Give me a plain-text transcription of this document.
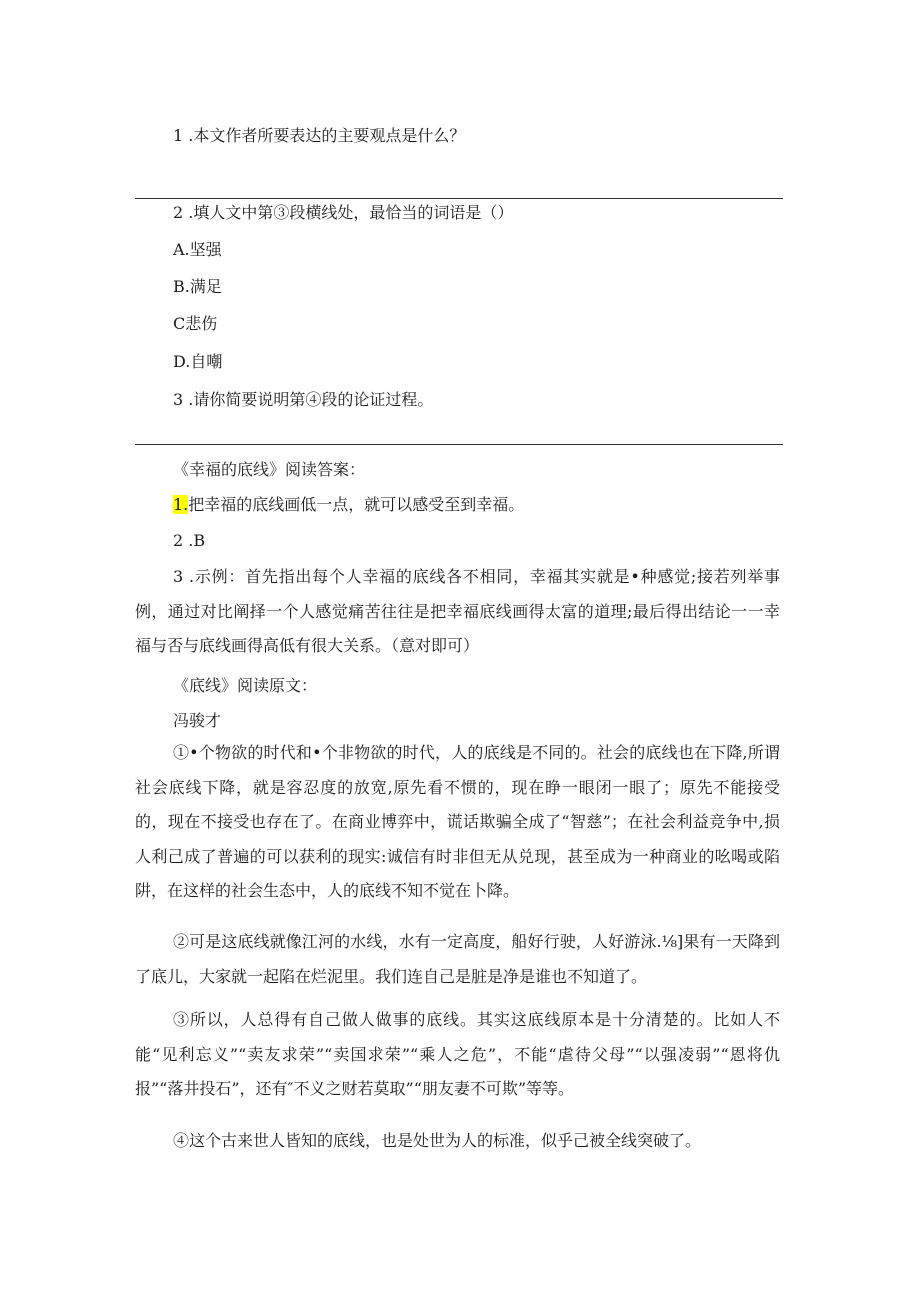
1 .本文作者所要表达的主要观点是什么？
2 .填人文中第③段横线处，最恰当的词语是（）
A.坚强
B.满足
C悲伤
D.自嘲
3 .请你简要说明第④段的论证过程。
《幸福的底线》阅读答案：
1.把幸福的底线画低一点，就可以感受至到幸福。
2 .B

3 .示例：首先指出每个人幸福的底线各不相同，幸福其实就是•种感觉;接若列举事例，通过对比阐择一个人感觉痛苦往往是把幸福底线画得太富的道理;最后得出结论一一幸福与否与底线画得高低有很大关系。（意对即可）

《底线》阅读原文：
冯骏才

①•个物欲的时代和•个非物欲的时代，人的底线是不同的。社会的底线也在下降,所谓社会底线下降，就是容忍度的放宽,原先看不惯的，现在睁一眼闭一眼了；原先不能接受的，现在不接受也存在了。在商业博弈中，谎话欺骗全成了“智慈”；在社会利益竞争中,损人利己成了普遍的可以获利的现实:诚信有时非但无从兑现，甚至成为一种商业的吆喝或陷阱，在这样的社会生态中，人的底线不知不觉在卜降。

②可是这底线就像江河的水线，水有一定高度，船好行驶，人好游泳.⅛]果有一天降到了底儿，大家就一起陷在烂泥里。我们连自己是脏是净是谁也不知道了。

③所以，人总得有自己做人做事的底线。其实这底线原本是十分清楚的。比如人不能“见利忘义”“卖友求荣”“卖国求荣”“乘人之危”，不能“虐待父母”“以强凌弱”“恩将仇报”“落井投石”，还有″不义之财若莫取”“朋友妻不可欺”等等。

④这个古来世人皆知的底线，也是处世为人的标准，似乎己被全线突破了。
